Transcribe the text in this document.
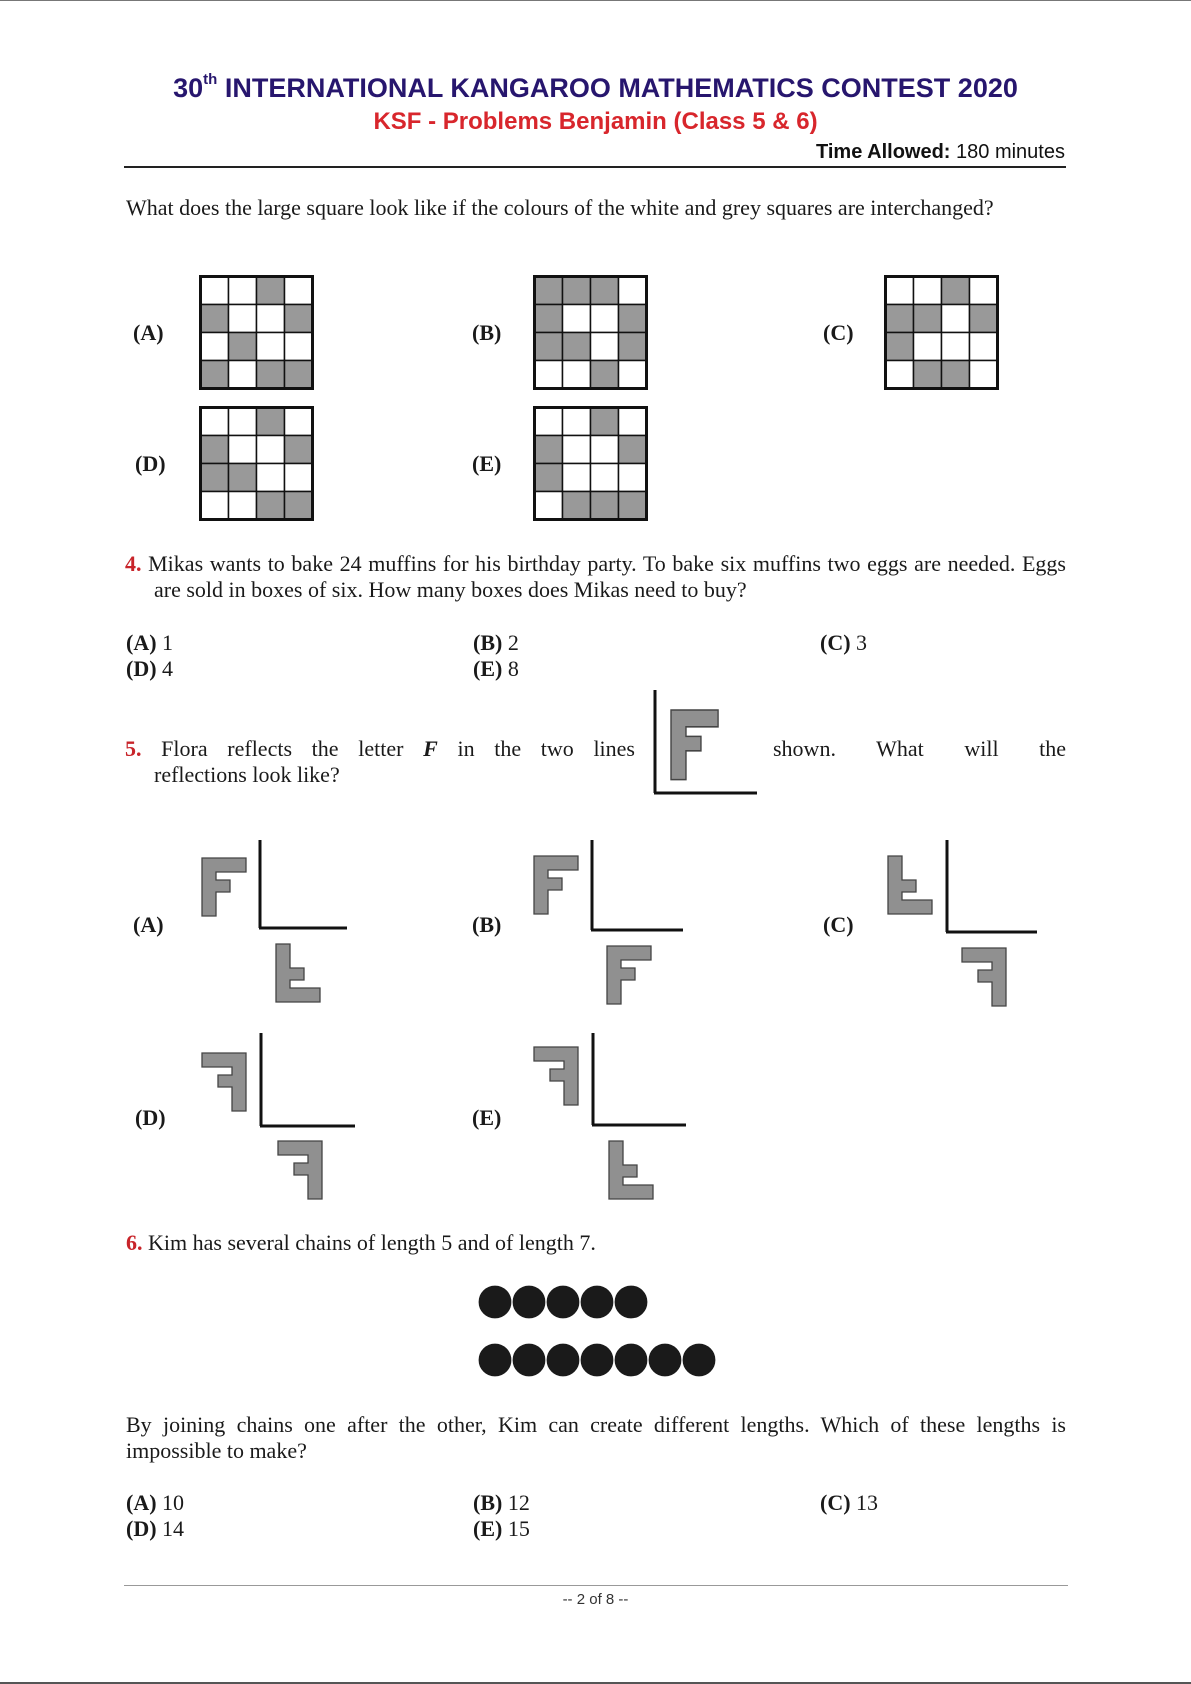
30th INTERNATIONAL KANGAROO MATHEMATICS CONTEST 2020
KSF - Problems Benjamin (Class 5 & 6)
Time Allowed: 180 minutes
What does the large square look like if the colours of the white and grey squares are interchanged?
(A)	(B)	(C)
(D)	(E)
4. Mikas wants to bake 24 muffins for his birthday party. To bake six muffins two eggs are needed. Eggs are sold in boxes of six. How many boxes does Mikas need to buy?
(A) 1	(B) 2	(C) 3
(D) 4	(E) 8
5. Flora reflects the letter F in the two lines	shown. What will the
reflections look like?
(A)	(B)	(C)
(D)	(E)
6. Kim has several chains of length 5 and of length 7.
By joining chains one after the other, Kim can create different lengths. Which of these lengths is impossible to make?
(A) 10	(B) 12	(C) 13
(D) 14	(E) 15
-- 2 of 8 --
